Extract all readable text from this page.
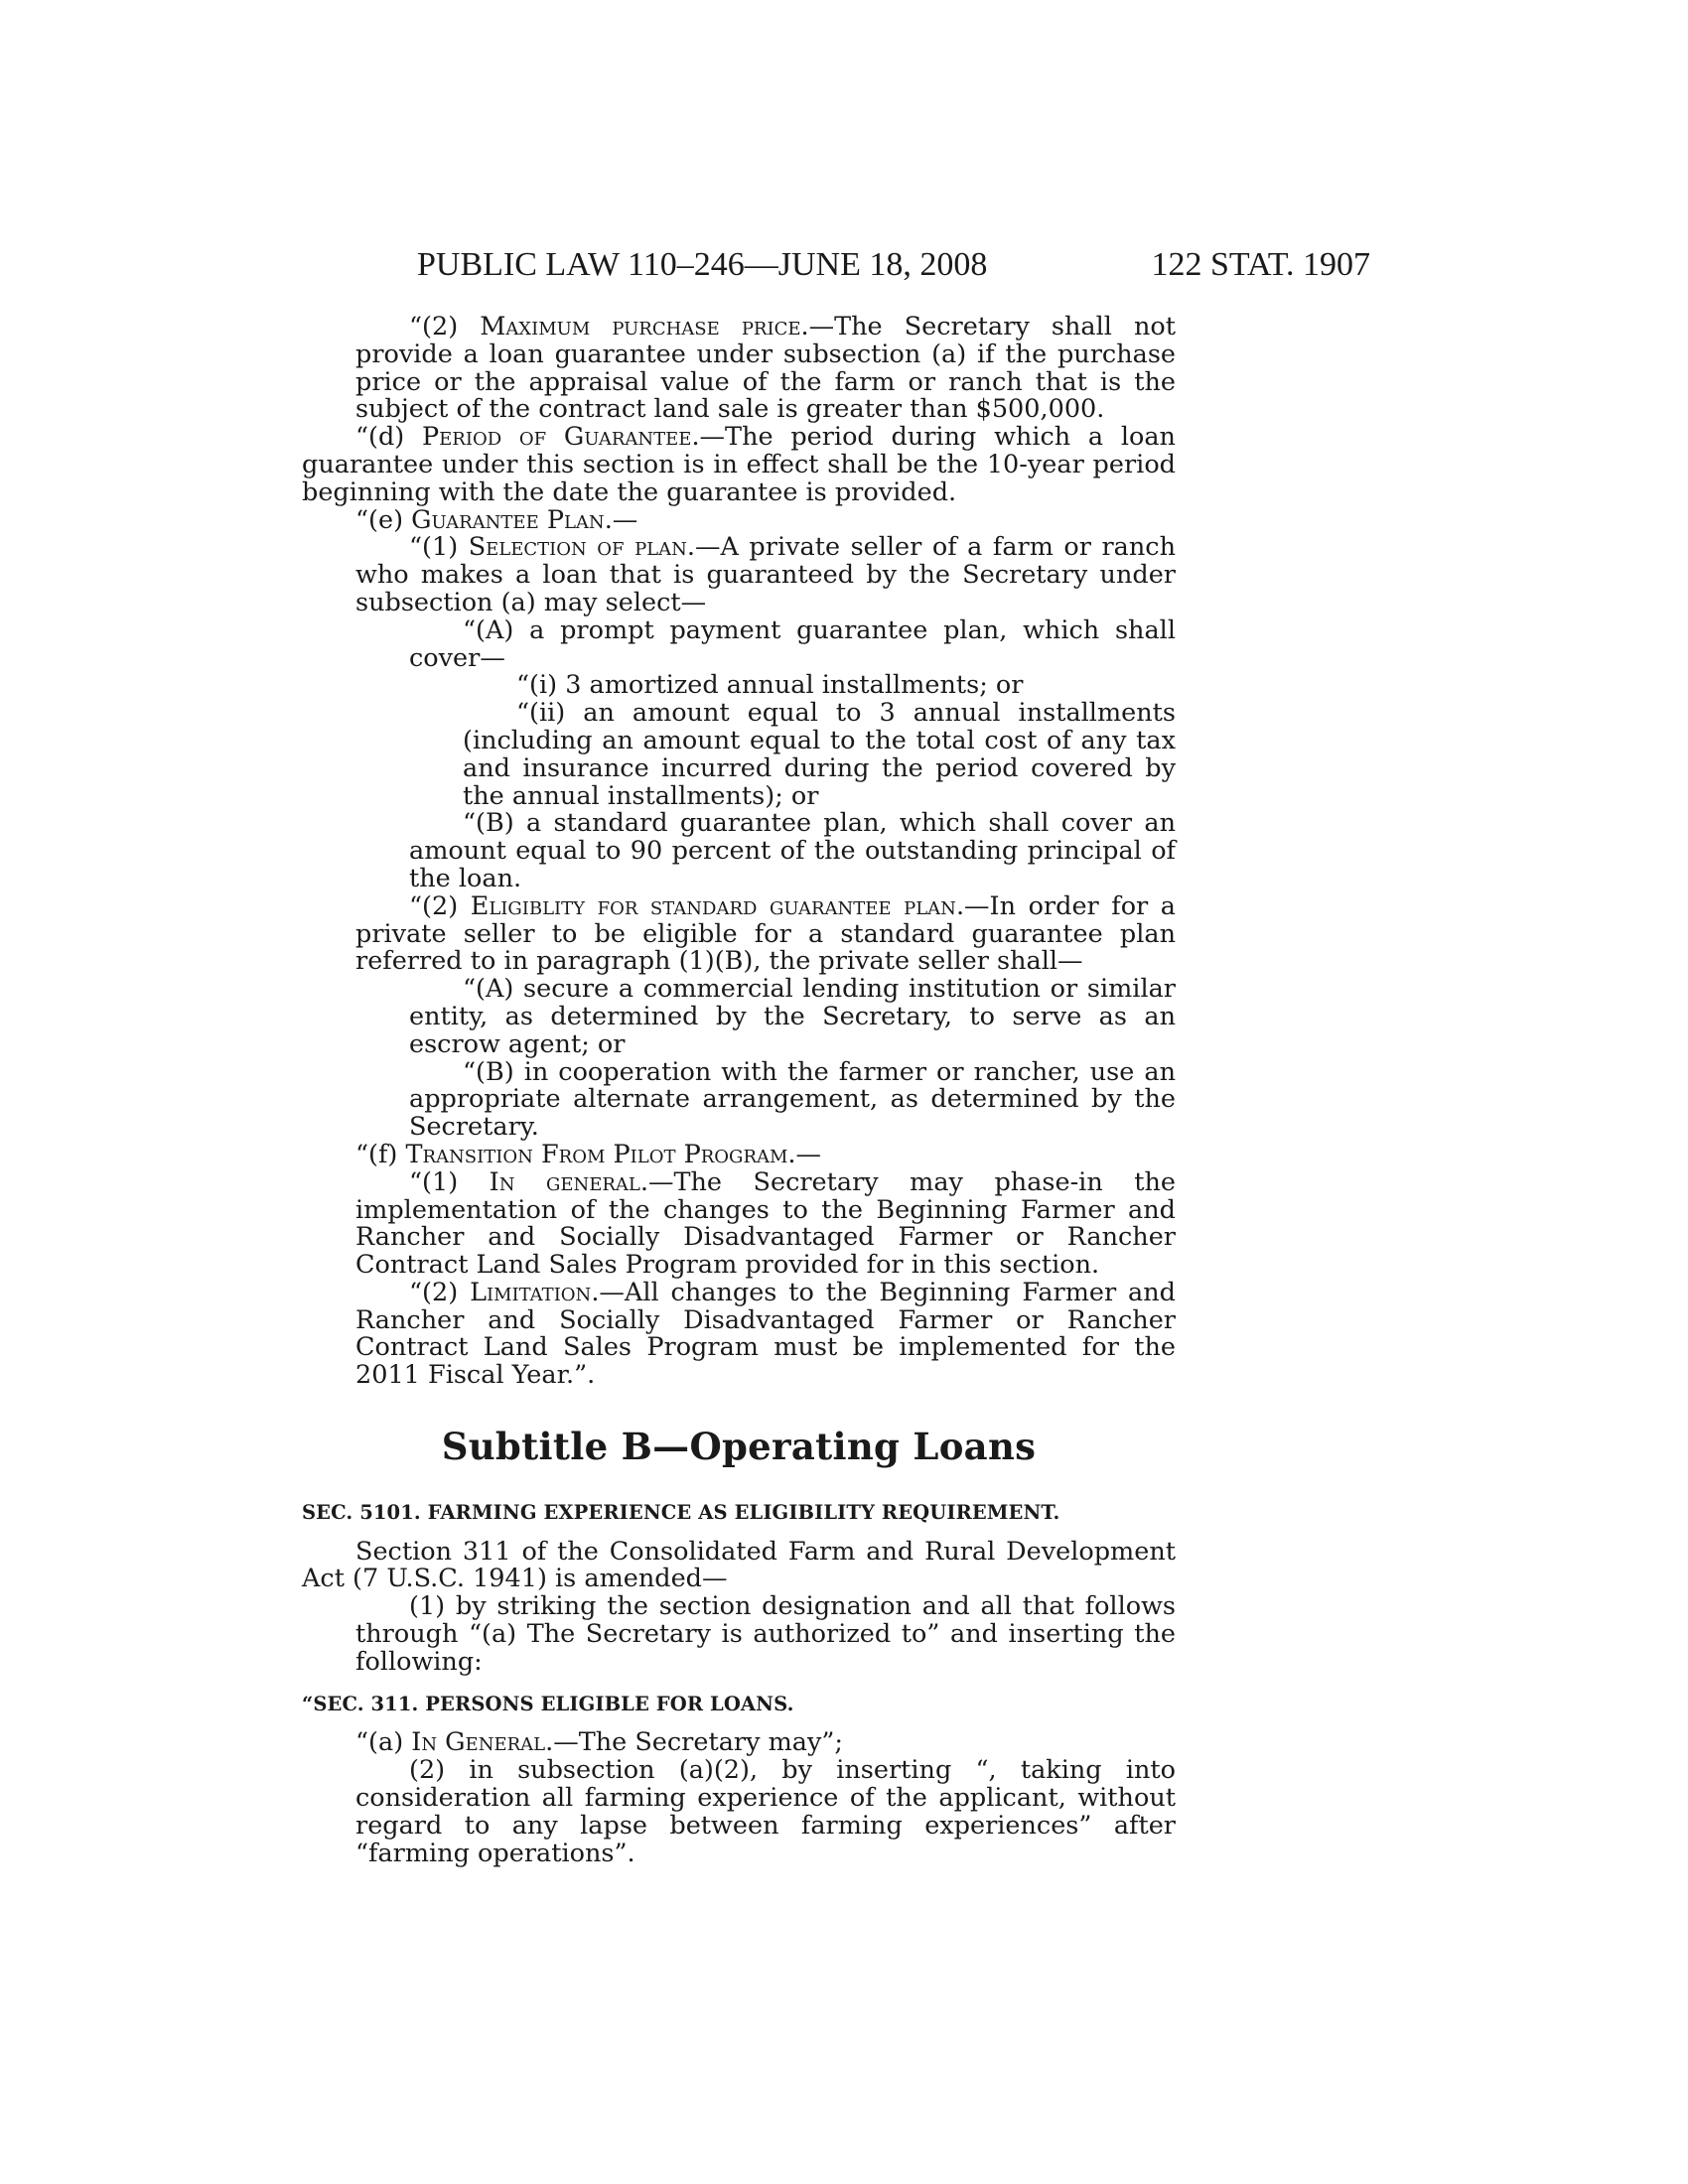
PUBLIC LAW 110–246—JUNE 18, 2008	122 STAT. 1907

“(2) Maximum purchase price.—The Secretary shall not provide a loan guarantee under subsection (a) if the purchase price or the appraisal value of the farm or ranch that is the subject of the contract land sale is greater than $500,000.

“(d) Period of Guarantee.—The period during which a loan guarantee under this section is in effect shall be the 10-year period beginning with the date the guarantee is provided.

“(e) Guarantee Plan.—

“(1) Selection of plan.—A private seller of a farm or ranch who makes a loan that is guaranteed by the Secretary under subsection (a) may select—

“(A) a prompt payment guarantee plan, which shall cover—

“(i) 3 amortized annual installments; or

“(ii) an amount equal to 3 annual installments (including an amount equal to the total cost of any tax and insurance incurred during the period covered by the annual installments); or

“(B) a standard guarantee plan, which shall cover an amount equal to 90 percent of the outstanding principal of the loan.

“(2) Eligiblity for standard guarantee plan.—In order for a private seller to be eligible for a standard guarantee plan referred to in paragraph (1)(B), the private seller shall—

“(A) secure a commercial lending institution or similar entity, as determined by the Secretary, to serve as an escrow agent; or

“(B) in cooperation with the farmer or rancher, use an appropriate alternate arrangement, as determined by the Secretary.

“(f) Transition From Pilot Program.—

“(1) In general.—The Secretary may phase-in the implementation of the changes to the Beginning Farmer and Rancher and Socially Disadvantaged Farmer or Rancher Contract Land Sales Program provided for in this section.

“(2) Limitation.—All changes to the Beginning Farmer and Rancher and Socially Disadvantaged Farmer or Rancher Contract Land Sales Program must be implemented for the 2011 Fiscal Year.”.

Subtitle B—Operating Loans
SEC. 5101. FARMING EXPERIENCE AS ELIGIBILITY REQUIREMENT.

Section 311 of the Consolidated Farm and Rural Development Act (7 U.S.C. 1941) is amended—

(1) by striking the section designation and all that follows through “(a) The Secretary is authorized to” and inserting the following:

“SEC. 311. PERSONS ELIGIBLE FOR LOANS.

“(a) In General.—The Secretary may”;

(2) in subsection (a)(2), by inserting “, taking into consideration all farming experience of the applicant, without regard to any lapse between farming experiences” after “farming operations”.
